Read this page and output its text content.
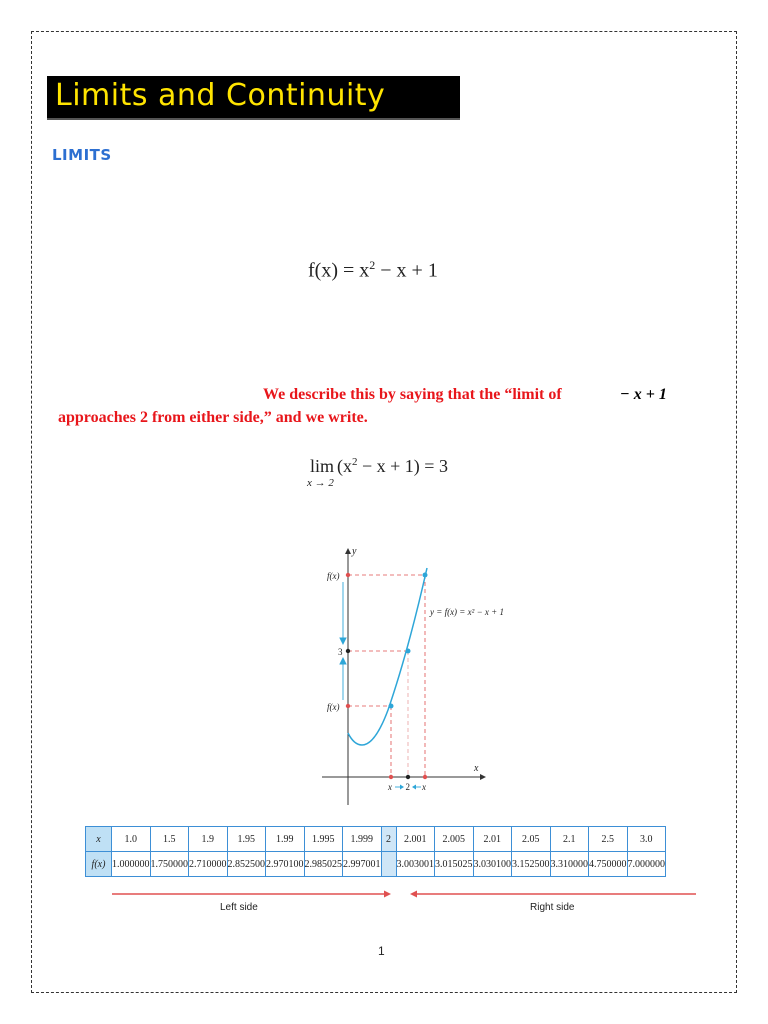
Limits and Continuity
LIMITS
$f(x) = x^2 - x + 1$
We describe this by saying that the “limit of	− x + 1
approaches 2 from either side,” and we write.
lim
x → 2
$(x^2 - x + 1) = 3$
y
x
f(x)
3
f(x)
y = f(x) = x² − x + 1
x 2 x
x	1.0	1.5	1.9	1.95	1.99	1.995	1.999	2	2.001	2.005	2.01	2.05	2.1	2.5	3.0
f(x)	1.000000	1.750000	2.710000	2.852500	2.970100	2.985025	2.997001		3.003001	3.015025	3.030100	3.152500	3.310000	4.750000	7.000000
Left side	Right side
1
